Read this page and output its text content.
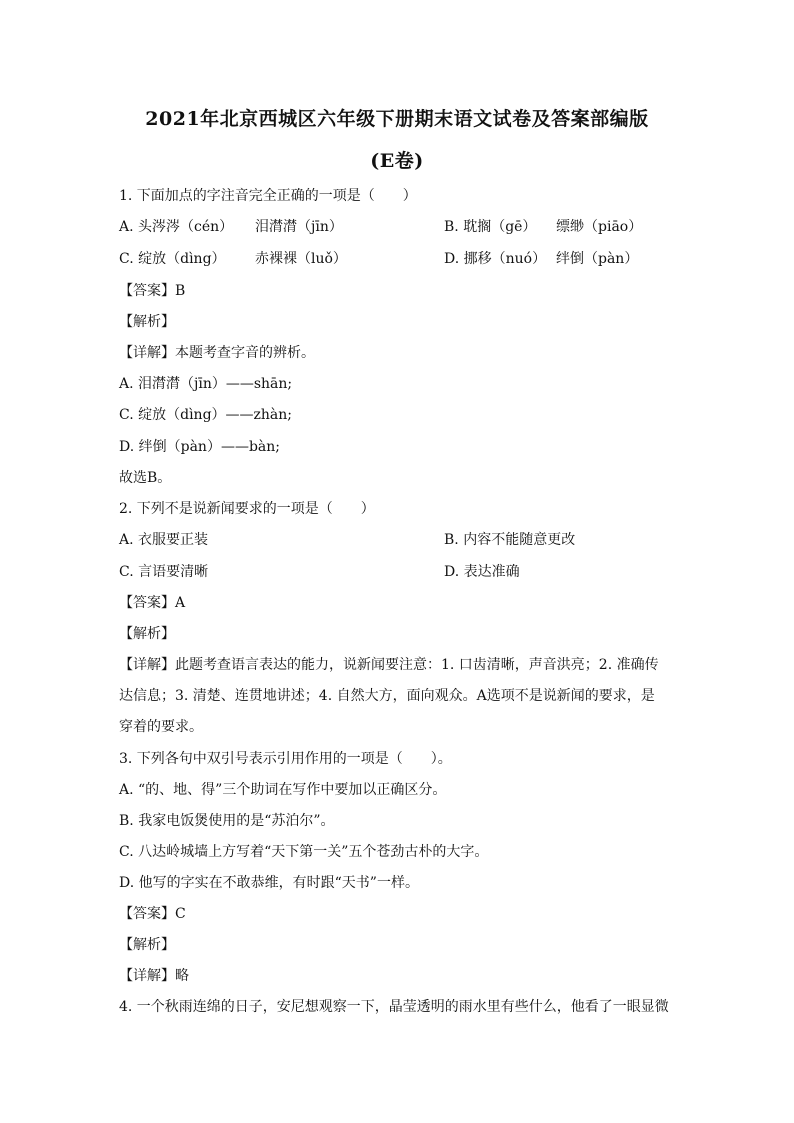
2021年北京西城区六年级下册期末语文试卷及答案部编版
(E卷)
1. 下面加点的字注音完全正确的一项是（　　）
A. 头涔涔（cén） 泪潸潸（jīn）	B. 耽搁（gē） 缥缈（piāo）
C. 绽放（dìng） 赤裸裸（luǒ）	D. 挪移（nuó） 绊倒（pàn）
【答案】B
【解析】
【详解】本题考查字音的辨析。
A. 泪潸潸（jīn）——shān;
C. 绽放（dìng）——zhàn;
D. 绊倒（pàn）——bàn;
故选B。
2. 下列不是说新闻要求的一项是（　　）
A. 衣服要正装	B. 内容不能随意更改
C. 言语要清晰	D. 表达准确
【答案】A
【解析】
【详解】此题考查语言表达的能力，说新闻要注意：1. 口齿清晰，声音洪亮；2. 准确传
达信息；3. 清楚、连贯地讲述；4. 自然大方，面向观众。A选项不是说新闻的要求，是
穿着的要求。
3. 下列各句中双引号表示引用作用的一项是（　　）。
A. “的、地、得”三个助词在写作中要加以正确区分。
B. 我家电饭煲使用的是“苏泊尔”。
C. 八达岭城墙上方写着“天下第一关”五个苍劲古朴的大字。
D. 他写的字实在不敢恭维，有时跟“天书”一样。
【答案】C
【解析】
【详解】略
4. 一个秋雨连绵的日子，安尼想观察一下，晶莹透明的雨水里有些什么，他看了一眼显微
